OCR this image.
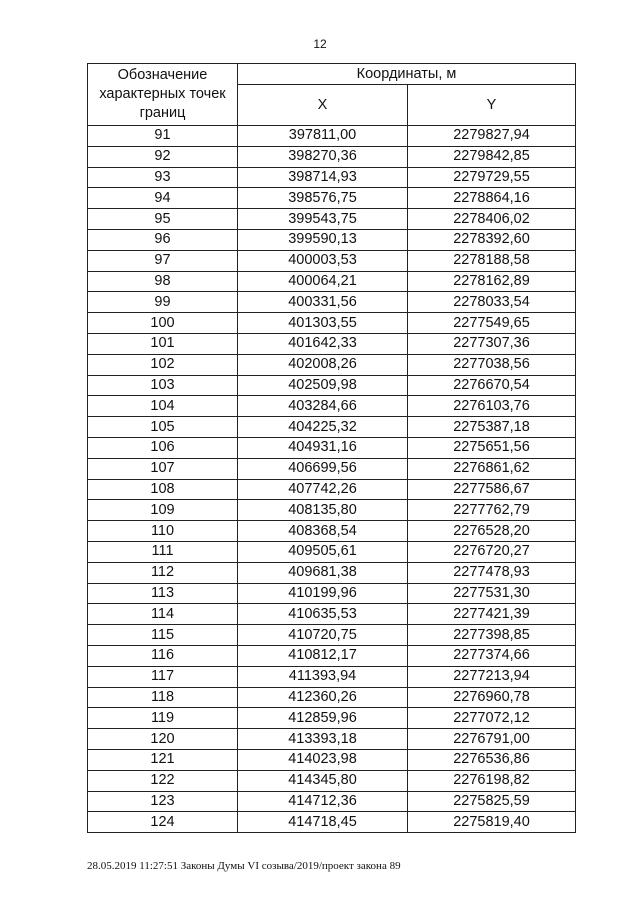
12
Обозначение характерных точек границ	Координаты, м	
	X	Y
91	397811,00	2279827,94
92	398270,36	2279842,85
93	398714,93	2279729,55
94	398576,75	2278864,16
95	399543,75	2278406,02
96	399590,13	2278392,60
97	400003,53	2278188,58
98	400064,21	2278162,89
99	400331,56	2278033,54
100	401303,55	2277549,65
101	401642,33	2277307,36
102	402008,26	2277038,56
103	402509,98	2276670,54
104	403284,66	2276103,76
105	404225,32	2275387,18
106	404931,16	2275651,56
107	406699,56	2276861,62
108	407742,26	2277586,67
109	408135,80	2277762,79
110	408368,54	2276528,20
111	409505,61	2276720,27
112	409681,38	2277478,93
113	410199,96	2277531,30
114	410635,53	2277421,39
115	410720,75	2277398,85
116	410812,17	2277374,66
117	411393,94	2277213,94
118	412360,26	2276960,78
119	412859,96	2277072,12
120	413393,18	2276791,00
121	414023,98	2276536,86
122	414345,80	2276198,82
123	414712,36	2275825,59
124	414718,45	2275819,40
28.05.2019 11:27:51 Законы Думы VI созыва/2019/проект закона 89
